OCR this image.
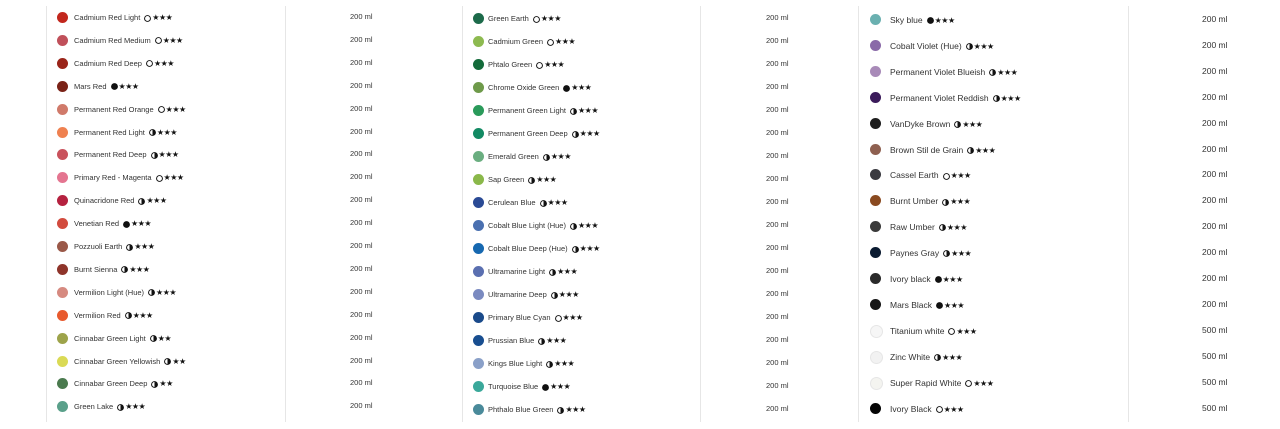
Cadmium Red Light ★★★	200 ml
Cadmium Red Medium ★★★	200 ml
Cadmium Red Deep ★★★	200 ml
Mars Red ★★★	200 ml
Permanent Red Orange ★★★	200 ml
Permanent Red Light ★★★	200 ml
Permanent Red Deep ★★★	200 ml
Primary Red - Magenta ★★★	200 ml
Quinacridone Red ★★★	200 ml
Venetian Red ★★★	200 ml
Pozzuoli Earth ★★★	200 ml
Burnt Sienna ★★★	200 ml
Vermilion Light (Hue) ★★★	200 ml
Vermilion Red ★★★	200 ml
Cinnabar Green Light ★★	200 ml
Cinnabar Green Yellowish ★★	200 ml
Cinnabar Green Deep ★★	200 ml
Green Lake ★★★	200 ml
Green Earth ★★★	200 ml
Cadmium Green ★★★	200 ml
Phtalo Green ★★★	200 ml
Chrome Oxide Green ★★★	200 ml
Permanent Green Light ★★★	200 ml
Permanent Green Deep ★★★	200 ml
Emerald Green ★★★	200 ml
Sap Green ★★★	200 ml
Cerulean Blue ★★★	200 ml
Cobalt Blue Light (Hue) ★★★	200 ml
Cobalt Blue Deep (Hue) ★★★	200 ml
Ultramarine Light ★★★	200 ml
Ultramarine Deep ★★★	200 ml
Primary Blue Cyan ★★★	200 ml
Prussian Blue ★★★	200 ml
Kings Blue Light ★★★	200 ml
Turquoise Blue ★★★	200 ml
Phthalo Blue Green ★★★	200 ml
Sky blue ★★★	200 ml
Cobalt Violet (Hue) ★★★	200 ml
Permanent Violet Blueish ★★★	200 ml
Permanent Violet Reddish ★★★	200 ml
VanDyke Brown ★★★	200 ml
Brown Stil de Grain ★★★	200 ml
Cassel Earth ★★★	200 ml
Burnt Umber ★★★	200 ml
Raw Umber ★★★	200 ml
Paynes Gray ★★★	200 ml
Ivory black ★★★	200 ml
Mars Black ★★★	200 ml
Titanium white ★★★	500 ml
Zinc White ★★★	500 ml
Super Rapid White ★★★	500 ml
Ivory Black ★★★	500 ml
